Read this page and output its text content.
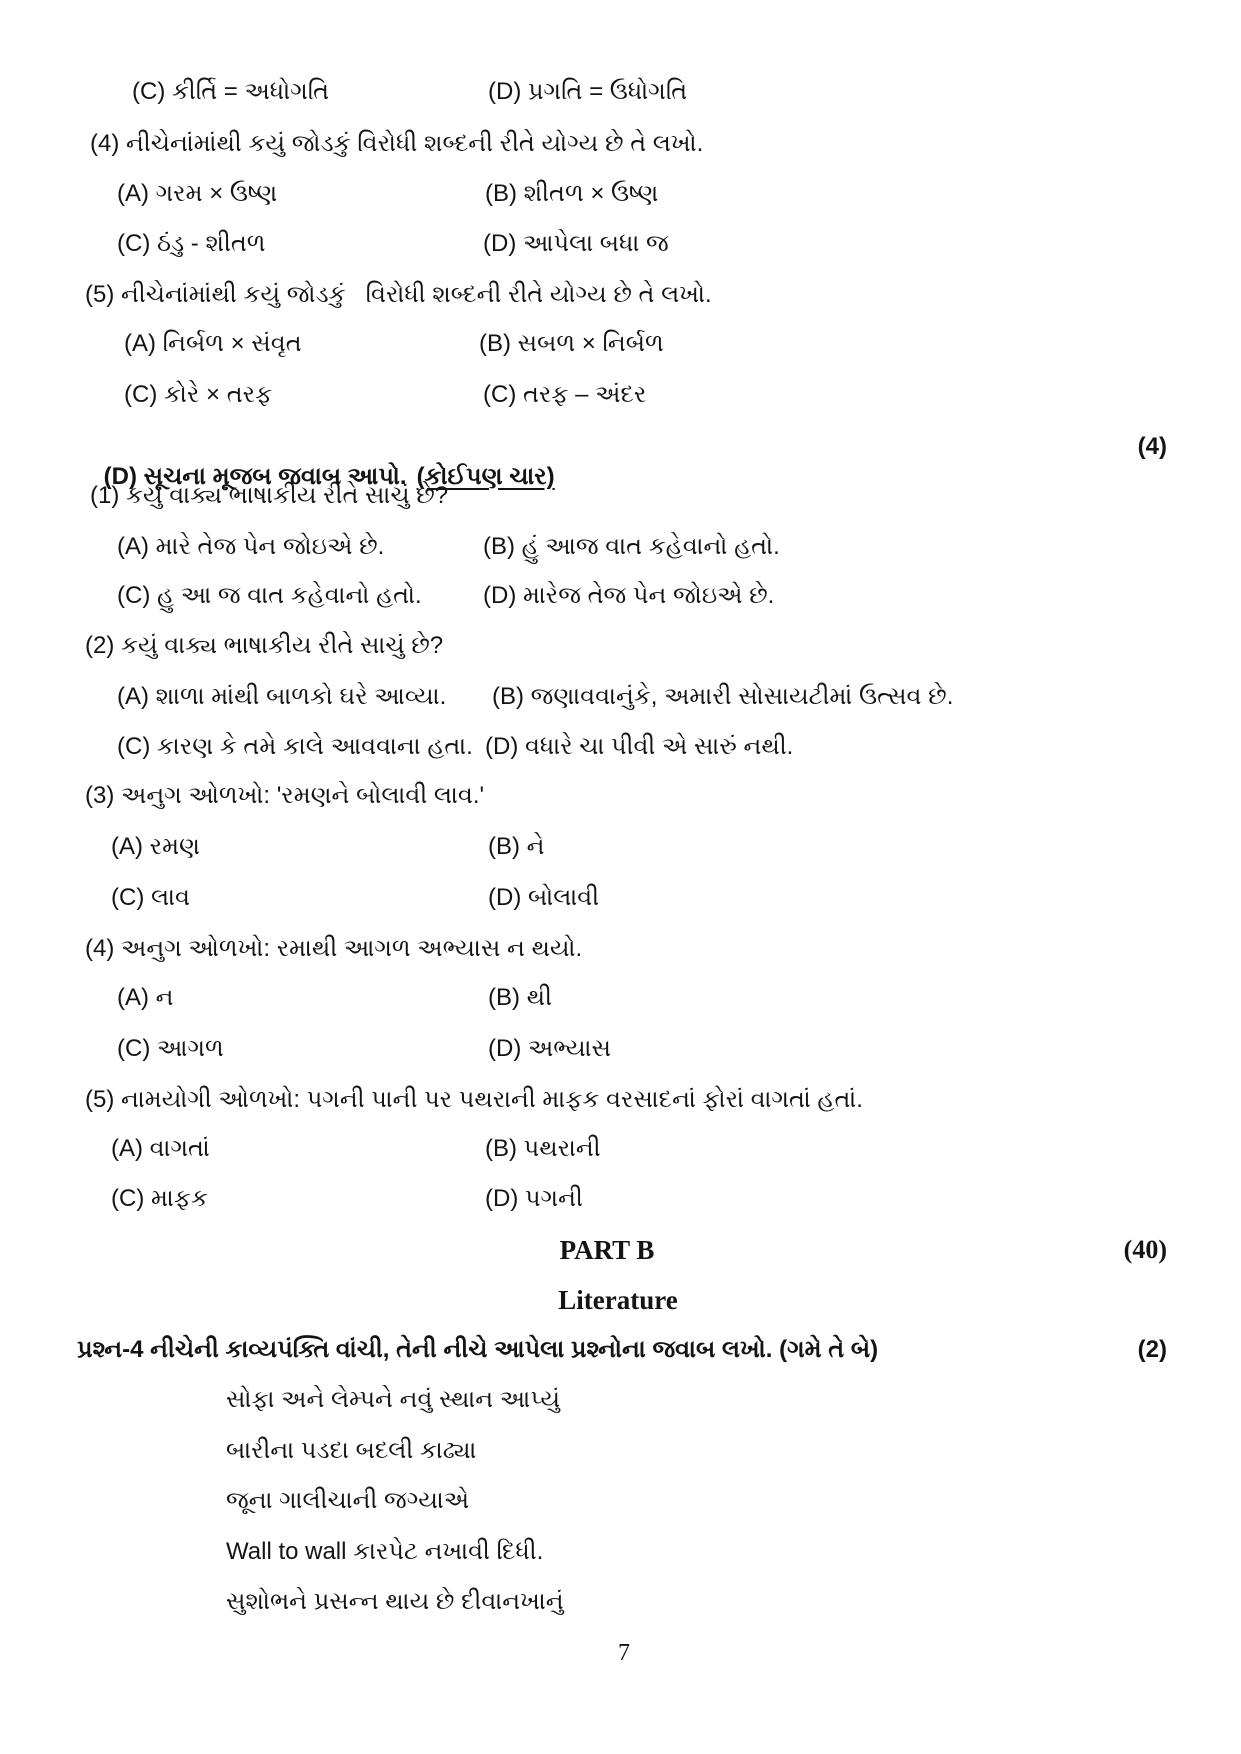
(C) કીર્તિ = અધોગતિ	(D) પ્રગતિ = ઉધોગતિ
(4) નીચેનાંમાંથી કયું જોડકું વિરોધી શબ્દની રીતે યોગ્ય છે તે લખો.
(A) ગરમ × ઉષ્ણ	(B) શીતળ × ઉષ્ણ
(C) ઠંડુ - શીતળ	(D) આપેલા બધા જ
(5) નીચેનાંમાંથી કયું જોડકું   વિરોધી શબ્દની રીતે યોગ્ય છે તે લખો.
(A) નિર્બળ × સંવૃત	(B) સબળ × નિર્બળ
(C) કોરે × તરફ	(C) તરફ – અંદર

(D) સૂચના મૂજબ જવાબ આપો. (કોઈપણ ચાર)

(4)
(1) કયું વાક્ય ભાષાકીય રીતે સાચું છે?
(A) મારે તેજ પેન જોઇએ છે.	(B) હું આજ વાત કહેવાનો હતો.
(C) હુ આ જ વાત કહેવાનો હતો.	(D) મારેજ તેજ પેન જોઇએ છે.
(2) કયું વાક્ય ભાષાકીય રીતે સાચું છે?
(A) શાળા માંથી બાળકો ઘરે આવ્યા. (B) જણાવવાનુંકે, અમારી સોસાયટીમાં ઉત્સવ છે.
(C) કારણ કે તમે કાલે આવવાના હતા. (D) વધારે ચા પીવી એ સારું નથી.
(3) અનુગ ઓળખો: 'રમણને બોલાવી લાવ.'
(A) રમણ	(B) ને
(C) લાવ	(D) બોલાવી
(4) અનુગ ઓળખો: રમાથી આગળ અભ્યાસ ન થયો.
(A) ન	(B) થી
(C) આગળ	(D) અભ્યાસ
(5) નામયોગી ઓળખો: પગની પાની પર પથરાની માફક વરસાદનાં ફોરાં વાગતાં હતાં.
(A) વાગતાં	(B) પથરાની
(C) માફક	(D) પગની
PART B	(40)
Literature
પ્રશ્ન-4 નીચેની કાવ્યપંક્તિ વાંચી, તેની નીચે આપેલા પ્રશ્નોના જવાબ લખો. (ગમે તે બે)	(2)
સોફા અને લેમ્પને નવું સ્થાન આપ્યું
બારીના પડદા બદલી કાઢ્યા
જૂના ગાલીચાની જગ્યાએ
Wall to wall કારપેટ નખાવી દિધી.
સુશોભને પ્રસન્ન થાય છે દીવાનખાનું
7
